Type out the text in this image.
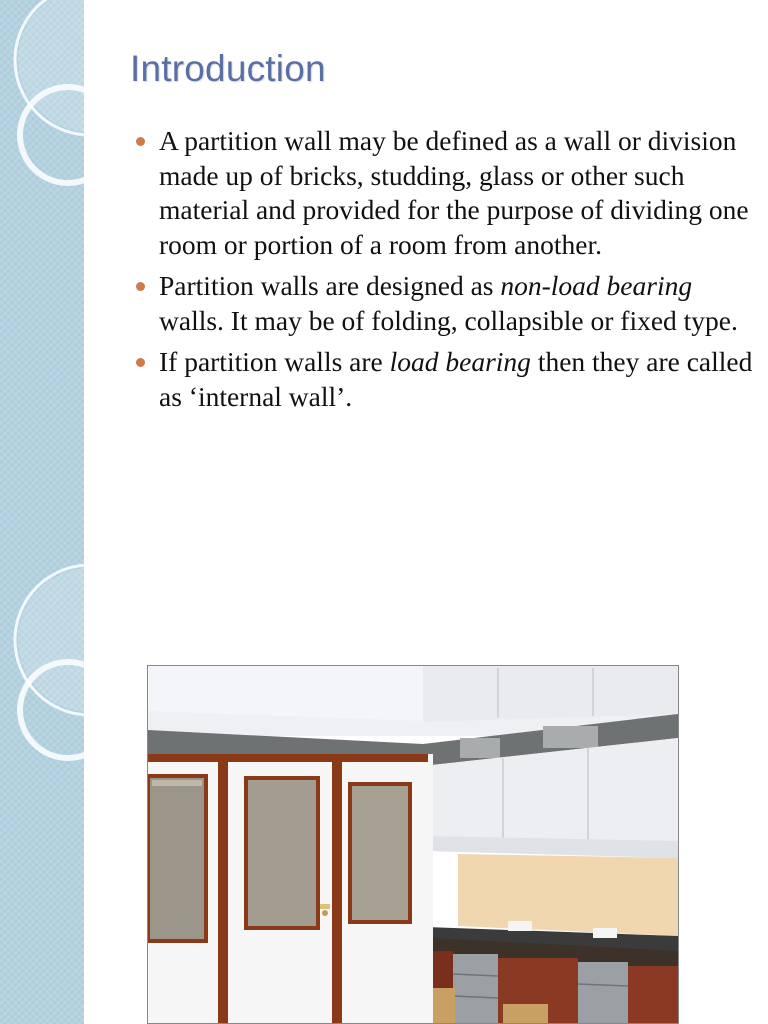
Introduction
A partition wall may be defined as a wall or division made up of bricks, studding, glass or other such material and provided for the purpose of dividing one room or portion of a room from another.
Partition walls are designed as non-load bearing walls. It may be of folding, collapsible or fixed type.
If partition walls are load bearing then they are called as ‘internal wall’.
